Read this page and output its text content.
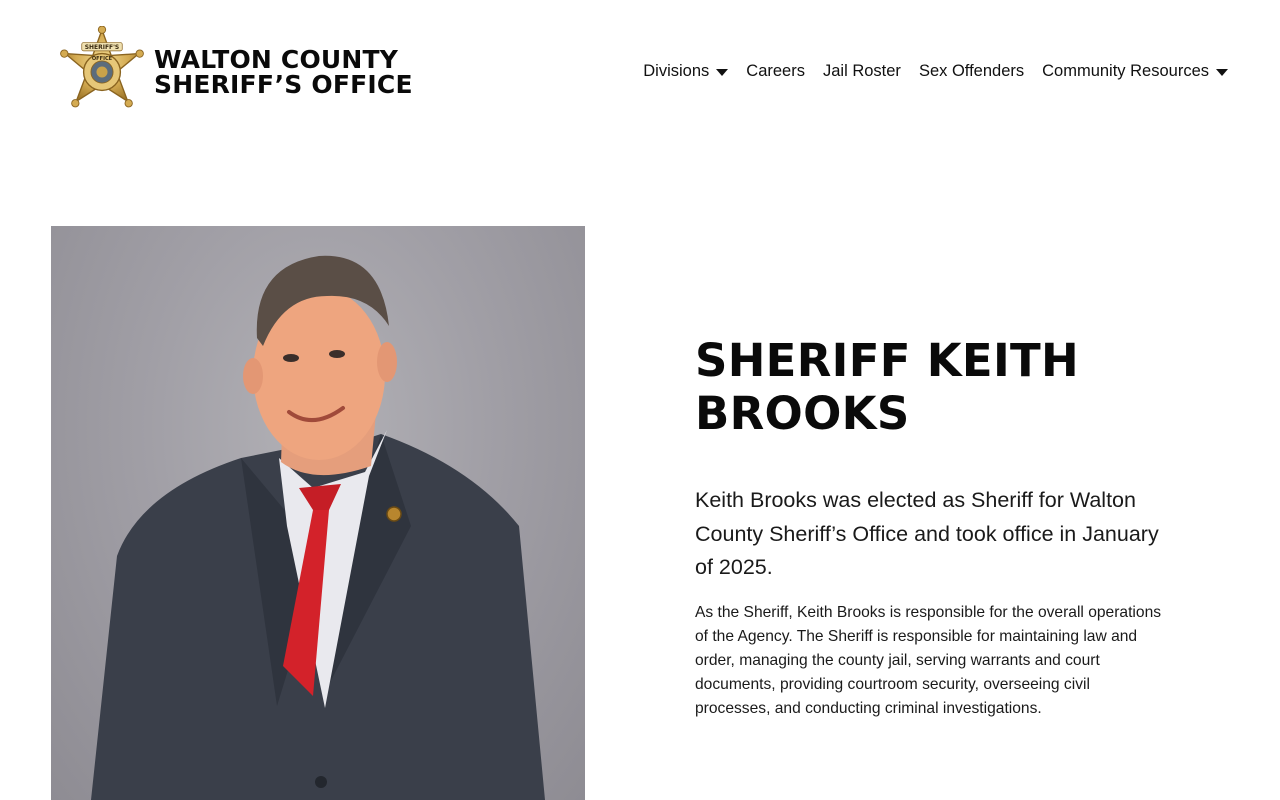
SHERIFF'S
OFFICE WALTON COUNTY
SHERIFF’S OFFICE	Divisions Careers Jail Roster Sex Offenders Community Resources
SHERIFF KEITH BROOKS

Keith Brooks was elected as Sheriff for Walton County Sheriff’s Office and took office in January of 2025.

As the Sheriff, Keith Brooks is responsible for the overall operations of the Agency. The Sheriff is responsible for maintaining law and order, managing the county jail, serving warrants and court documents, providing courtroom security, overseeing civil processes, and conducting criminal investigations.
